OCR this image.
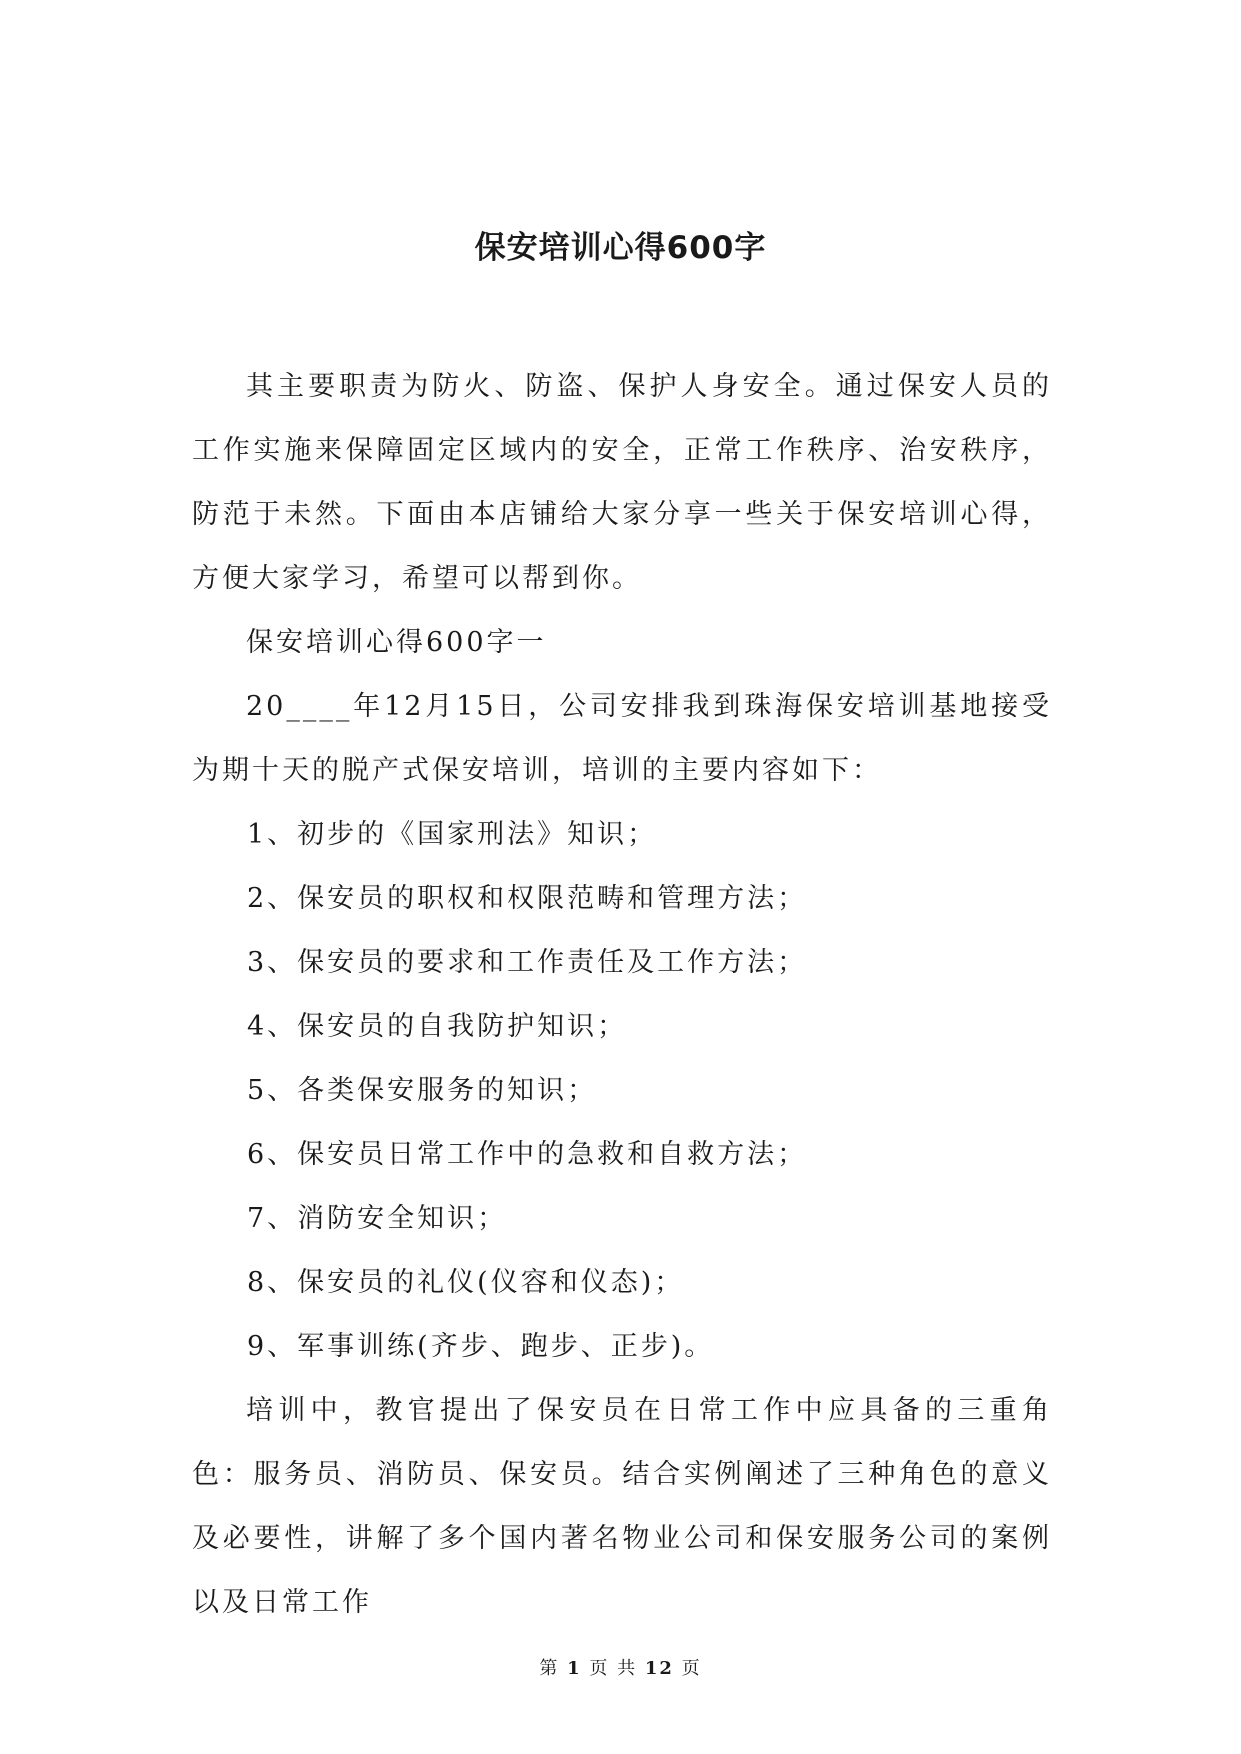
保安培训心得600字

其主要职责为防火、防盗、保护人身安全。通过保安人员的工作实施来保障固定区域内的安全，正常工作秩序、治安秩序，防范于未然。下面由本店铺给大家分享一些关于保安培训心得，方便大家学习，希望可以帮到你。

保安培训心得600字一

20____年12月15日，公司安排我到珠海保安培训基地接受为期十天的脱产式保安培训，培训的主要内容如下：

1、初步的《国家刑法》知识；

2、保安员的职权和权限范畴和管理方法；

3、保安员的要求和工作责任及工作方法；

4、保安员的自我防护知识；

5、各类保安服务的知识；

6、保安员日常工作中的急救和自救方法；

7、消防安全知识；

8、保安员的礼仪(仪容和仪态)；

9、军事训练(齐步、跑步、正步)。

培训中，教官提出了保安员在日常工作中应具备的三重角色：服务员、消防员、保安员。结合实例阐述了三种角色的意义及必要性，讲解了多个国内著名物业公司和保安服务公司的案例以及日常工作

第 1 页 共 12 页
